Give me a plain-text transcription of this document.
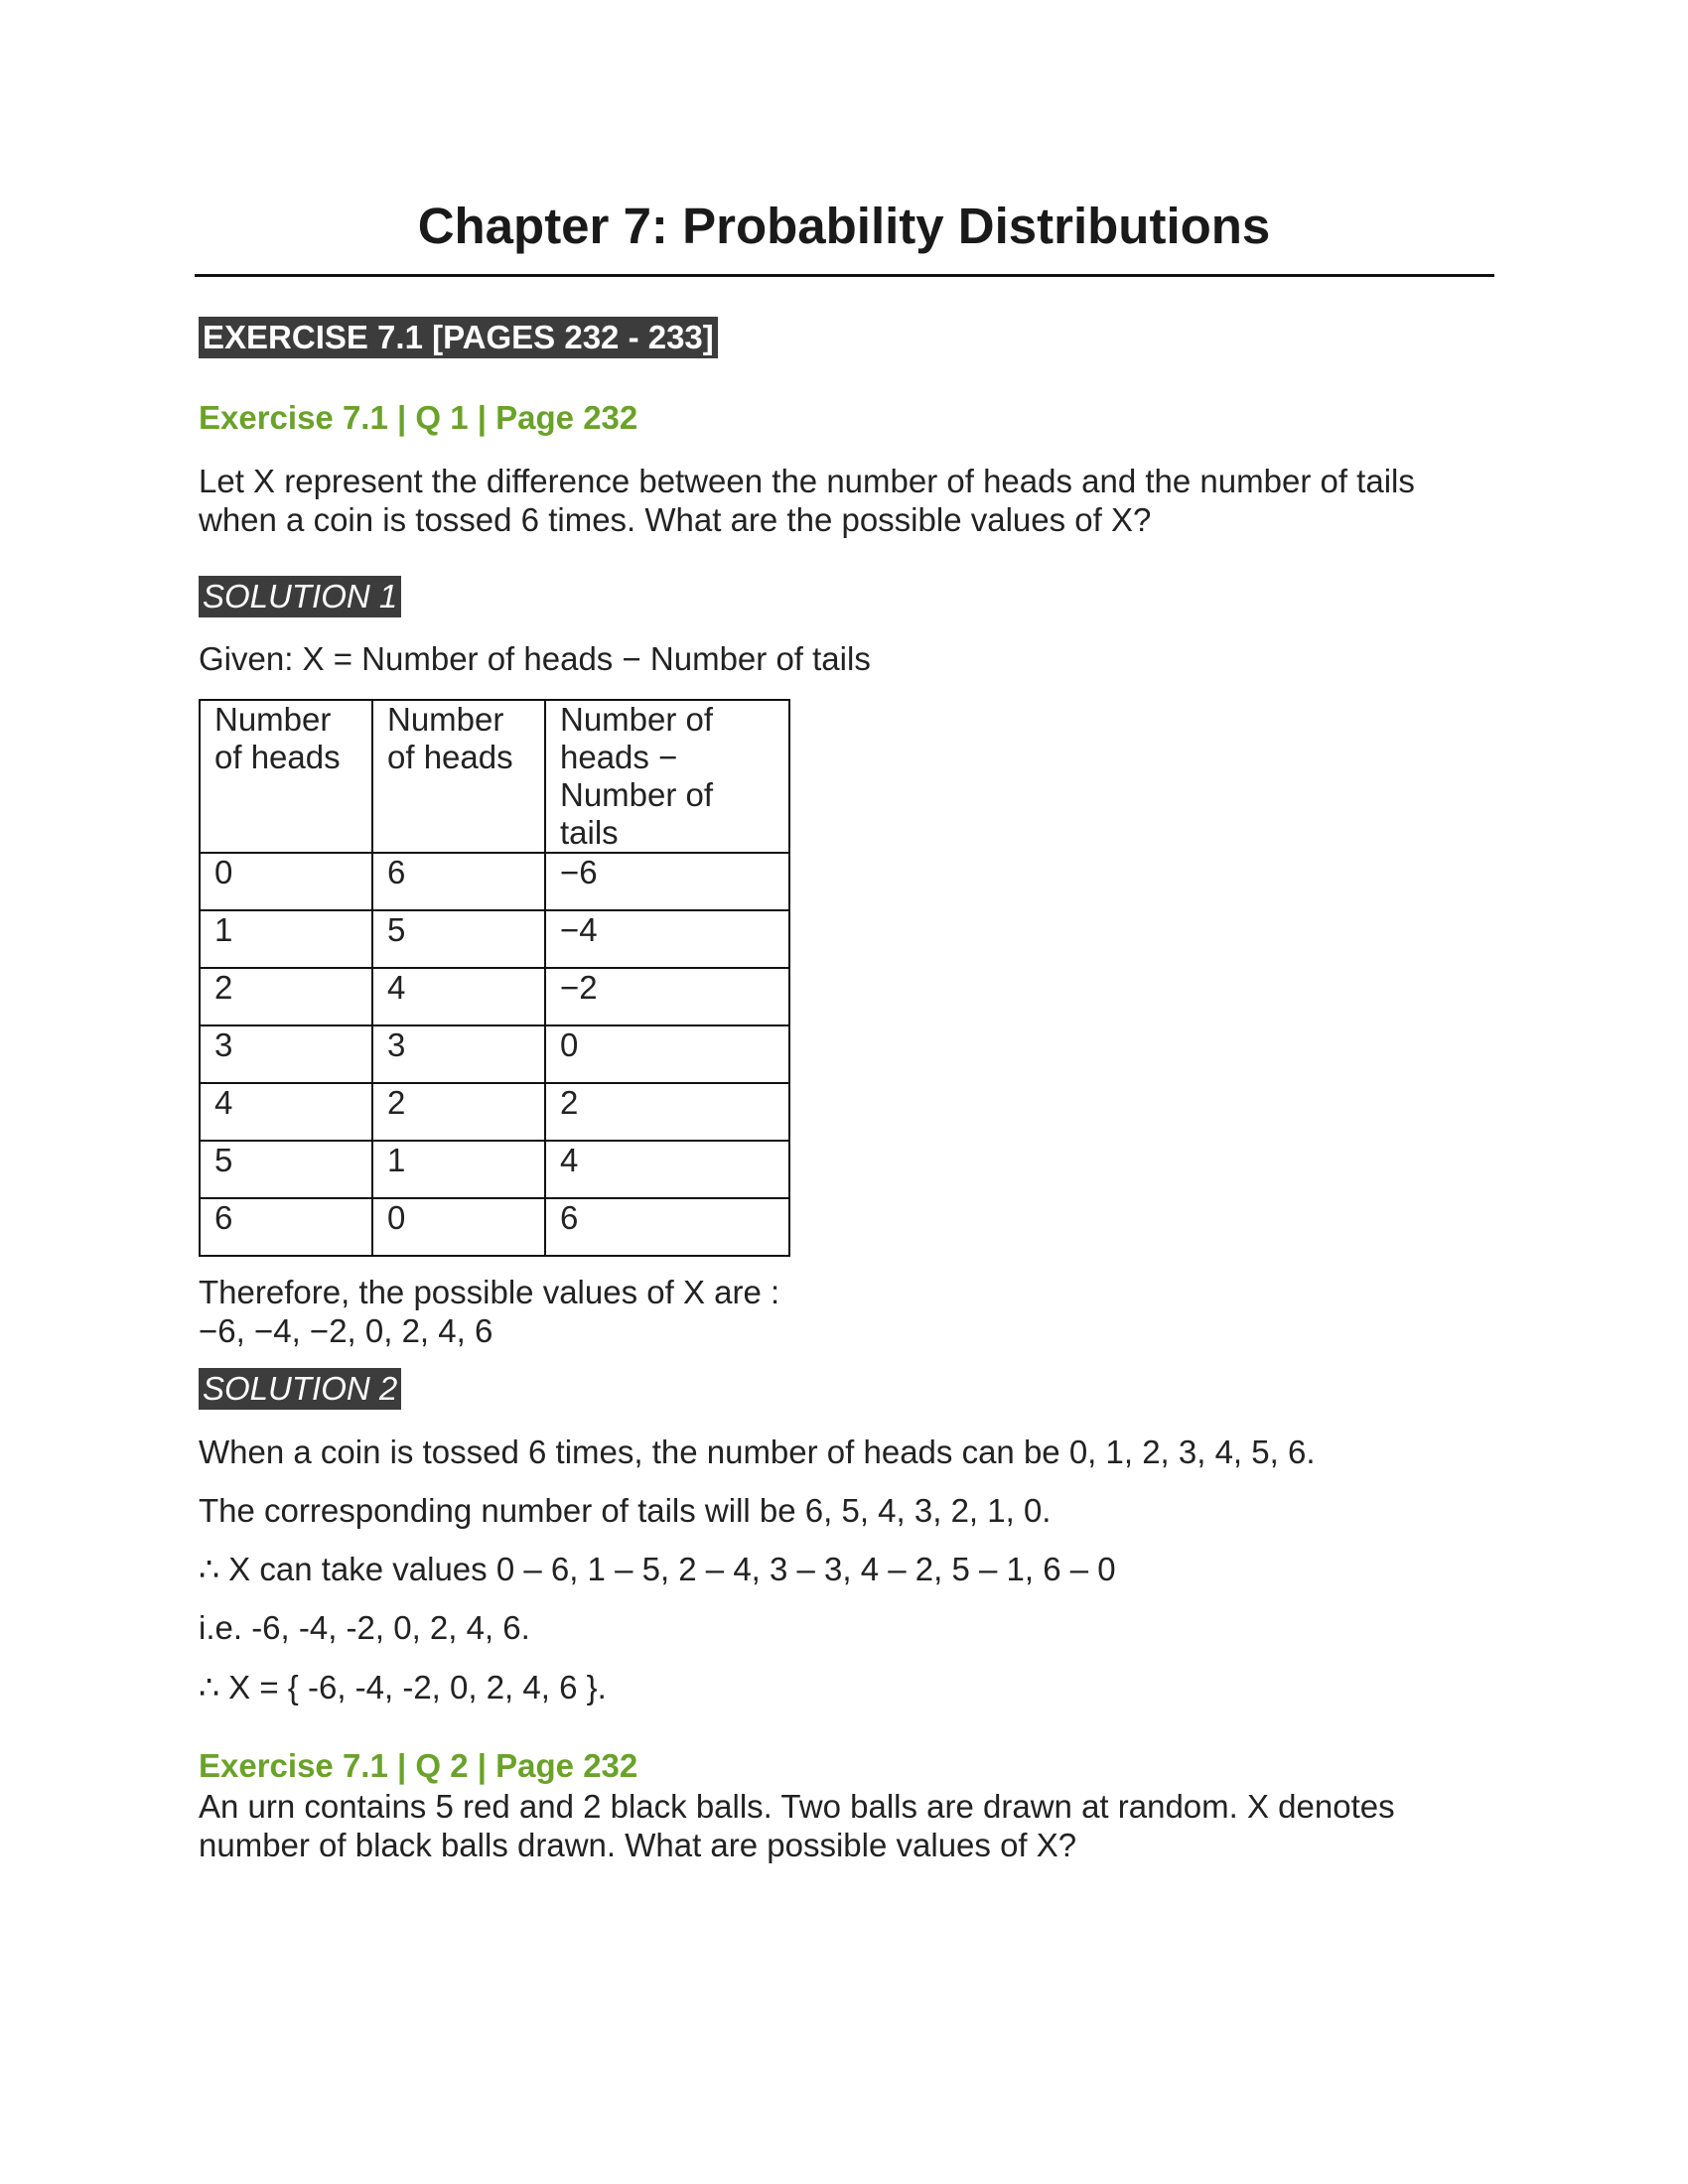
Chapter 7: Probability Distributions
EXERCISE 7.1 [PAGES 232 - 233]
Exercise 7.1 | Q 1 | Page 232

Let X represent the difference between the number of heads and the number of tails when a coin is tossed 6 times. What are the possible values of X?

SOLUTION 1

Given: X = Number of heads − Number of tails

Number of heads	Number of heads	Number of heads − Number of tails
0	6	−6
1	5	−4
2	4	−2
3	3	0
4	2	2
5	1	4
6	0	6

Therefore, the possible values of X are :

−6, −4, −2, 0, 2, 4, 6

SOLUTION 2

When a coin is tossed 6 times, the number of heads can be 0, 1, 2, 3, 4, 5, 6.

The corresponding number of tails will be 6, 5, 4, 3, 2, 1, 0.

∴ X can take values 0 – 6, 1 – 5, 2 – 4, 3 – 3, 4 – 2, 5 – 1, 6 – 0

i.e. -6, -4, -2, 0, 2, 4, 6.

∴ X = { -6, -4, -2, 0, 2, 4, 6 }.

Exercise 7.1 | Q 2 | Page 232

An urn contains 5 red and 2 black balls. Two balls are drawn at random. X denotes number of black balls drawn. What are possible values of X?
